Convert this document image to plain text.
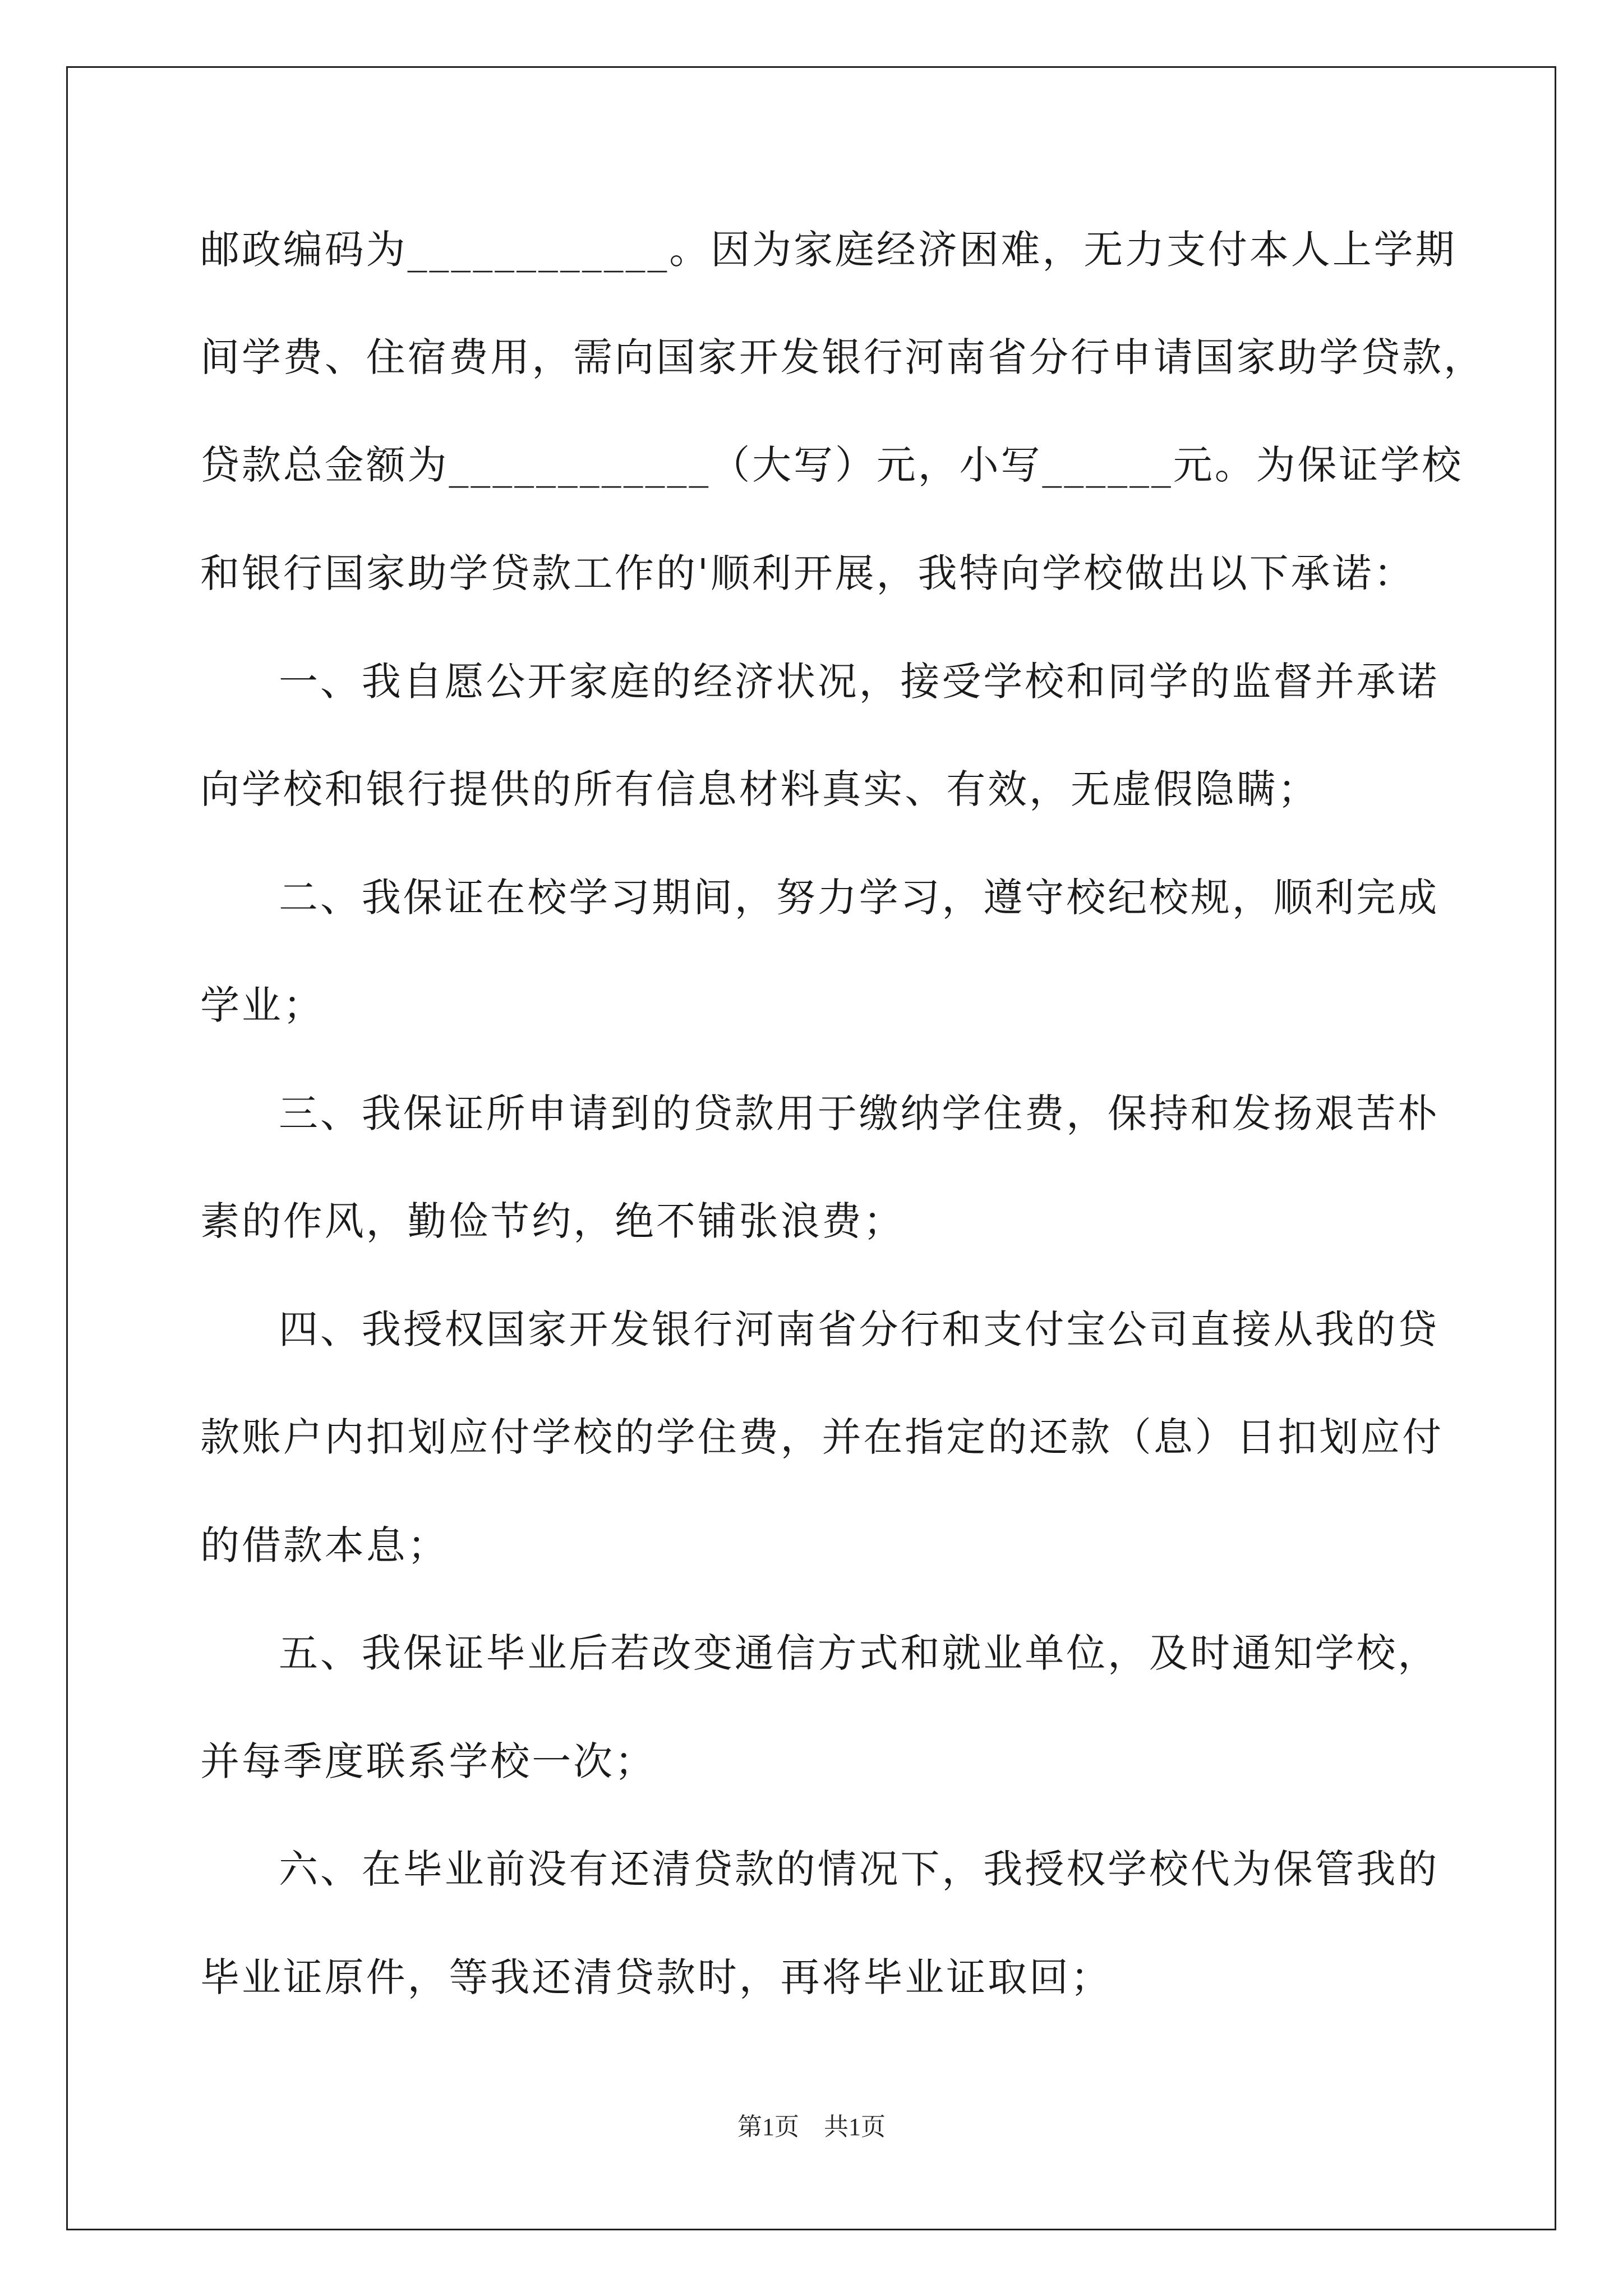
邮政编码为____________。因为家庭经济困难，无力支付本人上学期
间学费、住宿费用，需向国家开发银行河南省分行申请国家助学贷款，
贷款总金额为____________（大写）元，小写______元。为保证学校
和银行国家助学贷款工作的'顺利开展，我特向学校做出以下承诺：
一、我自愿公开家庭的经济状况，接受学校和同学的监督并承诺
向学校和银行提供的所有信息材料真实、有效，无虚假隐瞒；
二、我保证在校学习期间，努力学习，遵守校纪校规，顺利完成
学业；
三、我保证所申请到的贷款用于缴纳学住费，保持和发扬艰苦朴
素的作风，勤俭节约，绝不铺张浪费；
四、我授权国家开发银行河南省分行和支付宝公司直接从我的贷
款账户内扣划应付学校的学住费，并在指定的还款（息）日扣划应付
的借款本息；
五、我保证毕业后若改变通信方式和就业单位，及时通知学校，
并每季度联系学校一次；
六、在毕业前没有还清贷款的情况下，我授权学校代为保管我的
毕业证原件，等我还清贷款时，再将毕业证取回；
第1页　共1页
